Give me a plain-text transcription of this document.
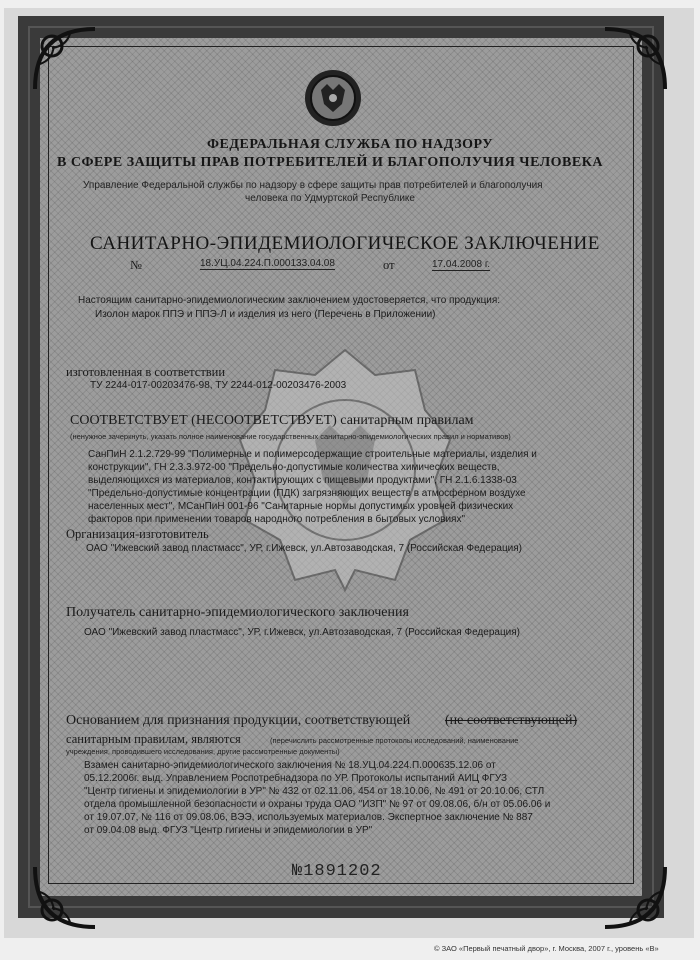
ФЕДЕРАЛЬНАЯ СЛУЖБА ПО НАДЗОРУ
В СФЕРЕ ЗАЩИТЫ ПРАВ ПОТРЕБИТЕЛЕЙ И БЛАГОПОЛУЧИЯ ЧЕЛОВЕКА
Управление Федеральной службы по надзору в сфере защиты прав потребителей и благополучия
человека по Удмуртской Республике
САНИТАРНО-ЭПИДЕМИОЛОГИЧЕСКОЕ ЗАКЛЮЧЕНИЕ
№	18.УЦ.04.224.П.000133.04.08	от	17.04.2008 г.
Настоящим санитарно-эпидемиологическим заключением удостоверяется, что продукция:
Изолон марок ППЭ и ППЭ-Л и изделия из него (Перечень в Приложении)
изготовленная в соответствии
ТУ 2244-017-00203476-98, ТУ 2244-012-00203476-2003
СООТВЕТСТВУЕТ (НЕСООТВЕТСТВУЕТ) санитарным правилам
(ненужное зачеркнуть, указать полное наименование государственных санитарно-эпидемиологических правил и нормативов)
СанПиН 2.1.2.729-99 "Полимерные и полимерсодержащие строительные материалы, изделия и
конструкции", ГН 2.3.3.972-00 "Предельно-допустимые количества химических веществ,
выделяющихся из материалов, контактирующих с пищевыми продуктами", ГН 2.1.6.1338-03
"Предельно-допустимые концентрации (ПДК) загрязняющих веществ в атмосферном воздухе
населенных мест", МСанПиН 001-96 "Санитарные нормы допустимых уровней физических
факторов при применении товаров народного потребления в бытовых условиях"
Организация-изготовитель
ОАО "Ижевский завод пластмасс", УР, г.Ижевск, ул.Автозаводская, 7 (Российская Федерация)
Получатель санитарно-эпидемиологического заключения
ОАО "Ижевский завод пластмасс", УР, г.Ижевск, ул.Автозаводская, 7 (Российская Федерация)
Основанием для признания продукции, соответствующей (не соответствующей)
санитарным правилам, являются	(перечислить рассмотренные протоколы исследований, наименование
учреждения, проводившего исследования, другие рассмотренные документы)
Взамен санитарно-эпидемиологического заключения № 18.УЦ.04.224.П.000635.12.06 от
05.12.2006г. выд. Управлением Роспотребнадзора по УР. Протоколы испытаний АИЦ ФГУЗ
"Центр гигиены и эпидемиологии в УР" № 432 от 02.11.06, 454 от 18.10.06, № 491 от 20.10.06, СТЛ
отдела промышленной безопасности и охраны труда ОАО "ИЗП" № 97 от 09.08.06, б/н от 05.06.06 и
от 19.07.07, № 116 от 09.08.06, ВЭЭ, используемых материалов. Экспертное заключение № 887
от 09.04.08 выд. ФГУЗ "Центр гигиены и эпидемиологии в УР"
№1891202
© ЗАО «Первый печатный двор», г. Москва, 2007 г., уровень «В»
